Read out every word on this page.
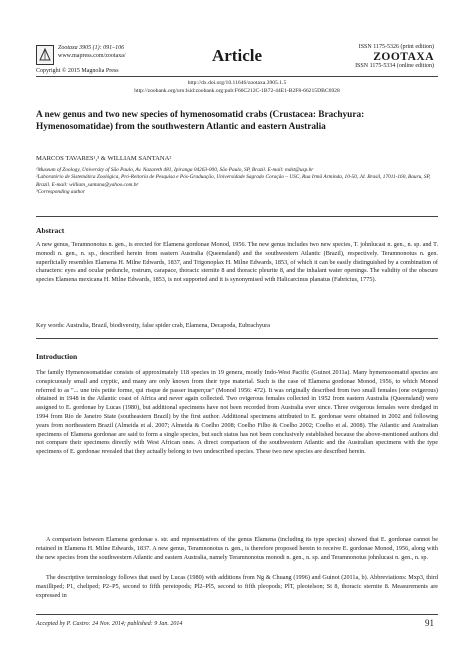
Zootaxa 3905 (1): 091–106
www.mapress.com/zootaxa/
Copyright © 2015 Magnolia Press
Article	ISSN 1175-5326 (print edition)
ZOOTAXA
ISSN 1175-5334 (online edition)
http://dx.doi.org/10.11646/zootaxa.3905.1.5
http://zoobank.org/urn:lsid:zoobank.org:pub:F66C212C-1B72-44E1-B2F8-66215DBC6928
A new genus and two new species of hymenosomatid crabs (Crustacea: Brachyura: Hymenosomatidae) from the southwestern Atlantic and eastern Australia
MARCOS TAVARES¹,³ & WILLIAM SANTANA²
¹Museum of Zoology, University of São Paulo, Av. Nazareth 481, Ipiranga 04263-000, São Paulo, SP, Brazil. E-mail: mdst@usp.br
²Laboratório de Sistemática Zoológica, Pró-Reitoria de Pesquisa e Pós-Graduação, Universidade Sagrado Coração – USC, Rua Irmã Arminda, 10-50, Jd. Brasil, 17011-160, Bauru, SP, Brazil. E-mail: william_santana@yahoo.com.br
³Corresponding author
Abstract
A new genus, Teramnonotus n. gen., is erected for Elamena gordonae Monod, 1956. The new genus includes two new species, T. johnlucasi n. gen., n. sp. and T. monodi n. gen., n. sp., described herein from eastern Australia (Queensland) and the southwestern Atlantic (Brazil), respectively. Teramnonotus n. gen. superficially resembles Elamena H. Milne Edwards, 1837, and Trigonoplax H. Milne Edwards, 1853, of which it can be easily distinguished by a combination of characters: eyes and ocular peduncle, rostrum, carapace, thoracic sternite 8 and thoracic pleurite 8, and the inhalant water openings. The validity of the obscure species Elamena mexicana H. Milne Edwards, 1853, is not supported and it is synonymised with Halicarcinus planatus (Fabricius, 1775).
Key words: Australia, Brazil, biodiversity, false spider crab, Elamena, Decapoda, Eubrachyura
Introduction
The family Hymenosomatidae consists of approximately 118 species in 19 genera, mostly Indo-West Pacific (Guinot 2011a). Many hymenosomatid species are conspicuously small and cryptic, and many are only known from their type material. Such is the case of Elamena gordonae Monod, 1956, to which Monod referred to as "... une très petite forme, qui risque de passer inaperçue" (Monod 1956: 472). It was originally described from two small females (one ovigerous) obtained in 1948 in the Atlantic coast of Africa and never again collected. Two ovigerous females collected in 1952 from eastern Australia (Queensland) were assigned to E. gordonae by Lucas (1980), but additional specimens have not been recorded from Australia ever since. Three ovigerous females were dredged in 1994 from Rio de Janeiro State (southeastern Brazil) by the first author. Additional specimens attributed to E. gordonae were obtained in 2002 and following years from northeastern Brazil (Almeida et al. 2007; Almeida & Coelho 2008; Coelho Filho & Coelho 2002; Coelho et al. 2008). The Atlantic and Australian specimens of Elamena gordonae are said to form a single species, but such status has not been conclusively established because the above-mentioned authors did not compare their specimens directly with West African ones. A direct comparison of the southwestern Atlantic and the Australian specimens with the type specimens of E. gordonae revealed that they actually belong to two undescribed species. These two new species are described herein.
A comparison between Elamena gordonae s. str. and representatives of the genus Elamena (including its type species) showed that E. gordonae cannot be retained in Elamena H. Milne Edwards, 1837. A new genus, Teramnonotus n. gen., is therefore proposed herein to receive E. gordonae Monod, 1956, along with the new species from the southwestern Atlantic and eastern Australia, namely Teramnonotus monodi n. gen., n. sp. and Teramnonotus johnlucasi n. gen., n. sp.
The descriptive terminology follows that used by Lucas (1980) with additions from Ng & Chuang (1996) and Guinot (2011a, b). Abbreviations: Mxp3, third maxilliped; P1, cheliped; P2–P5, second to fifth pereiopods; Pl2–Pl5, second to fifth pleopods; PlT, pleotelson; St 8, thoracic sternite 8. Measurements are expressed in
Accepted by P. Castro: 24 Nov. 2014; published: 9 Jan. 2014	91
